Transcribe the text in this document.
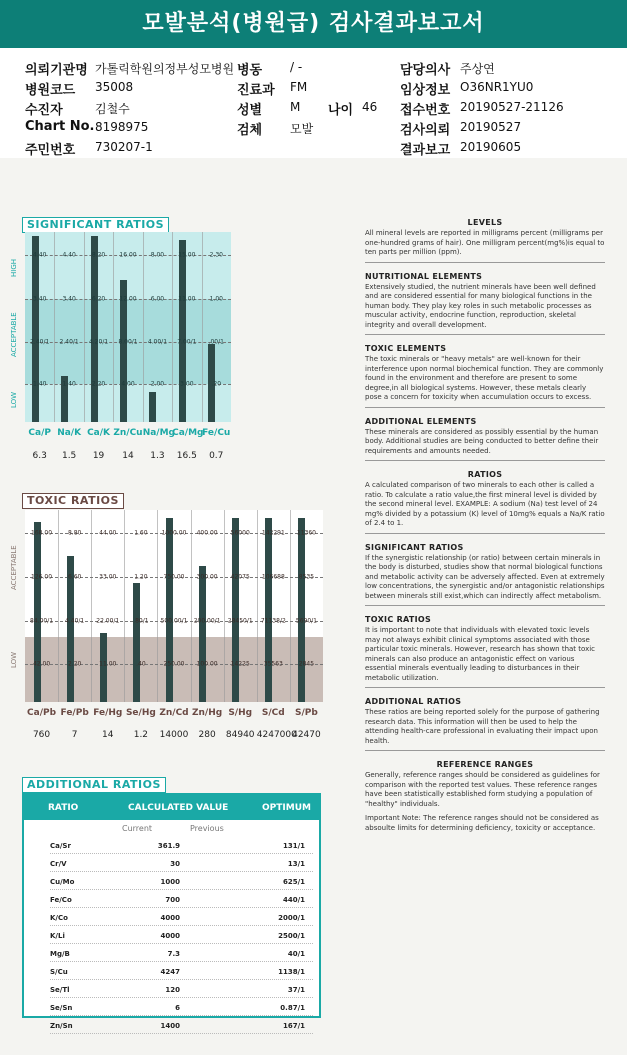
모발분석(병원급) 검사결과보고서
의뢰기관명 가톨릭학원의정부성모병원 병동 / -	담당의사 주상연
병원코드 35008	진료과 FM	임상정보 O36NR1YU0
수진자	김철수	성별 M 나이 46 접수번호 20190527-21126
Chart No. 8198975	검체 모발	검사의뢰 20190527
주민번호 730207-1	결과보고 20190605
SIGNIFICANT RATIOS
HIGH
ACCEPTABLE
LOW
4.40	4.40	8.20 16.00 8.00 15.00 2.30
3.40	3.40	6.20 12.00 6.00 11.00 1.00
2.40/1 2.40/1 4.20/1 8.00/1 4.00/1 7.00/1 .00/1
1.40	1.40	2.20	4.00	2.00	3.00	.20
Ca/P Na/K Ca/K Zn/Cu Na/Mg
Ca/Mg
Fe/Cu
6.3	1.5	19	14	1.3	16.5	0.7
TOXIC RATIOS
ACCEPTABLE
LOW
168.00	8.80	44.00	1.60 1000.00 400.00 56000 142291 11360
126.00	6.60	33.00	1.20	750.00 300.00 42075 106688 8535
84.00/1 4.40/1 22.00/1 .80/1 500.00/1 200.00/1 28450/1 71138/2 5690/1
42.00	2.20	11.00	.40	250.00 100.00 14225 35563	2845
Ca/Pb Fe/Pb Fe/Hg Se/Hg Zn/Cd Zn/Hg S/Hg	S/Cd	S/Pb
760	7	14	1.2	14000	280	84940 4247000
42470
ADDITIONAL RATIOS
RATIO	CALCULATED VALUE	OPTIMUM
Current	Previous
Ca/Sr	361.9	131/1
Cr/V	30	13/1
Cu/Mo	1000	625/1
Fe/Co	700	440/1
K/Co	4000	2000/1
K/Li	4000	2500/1
Mg/B	7.3	40/1
S/Cu	4247	1138/1
Se/Tl	120	37/1
Se/Sn	6	0.87/1
Zn/Sn	1400	167/1
LEVELS

All mineral levels are reported in milligrams percent (milligrams per one-hundred grams of hair). One milligram percent(mg%)is equal to ten parts per million (ppm).

NUTRITIONAL ELEMENTS

Extensively studied, the nutrient minerals have been well defined and are considered essential for many biological functions in the human body. They play key roles in such metabolic processes as muscular activity, endocrine function, reproduction, skeletal integrity and overall development.

TOXIC ELEMENTS

The toxic minerals or "heavy metals" are well-known for their interference upon normal biochemical function. They are commonly found in the environment and therefore are present to some degree,in all biological systems. However, these metals clearly pose a concern for toxicity when accumulation occurs to excess.

ADDITIONAL ELEMENTS

These minerals are considered as possibly essential by the human body. Additional studies are being conducted to better define their requirements and amounts needed.

RATIOS

A calculated comparison of two minerals to each other is called a ratio. To calculate a ratio value,the first mineral level is divided by the second mineral level. EXAMPLE: A sodium (Na) test level of 24 mg% divided by a potassium (K) level of 10mg% equals a Na/K ratio of 2.4 to 1.

SIGNIFICANT RATIOS

If the synergistic relationship (or ratio) between certain minerals in the body is disturbed, studies show that normal biological functions and metabolic activity can be adversely affected. Even at extremely low concentrations, the synergistic and/or antagonistic relationships between minerals still exist,which can indirectly affect metabolism.

TOXIC RATIOS

It is important to note that individuals with elevated toxic levels may not always exhibit clinical symptoms associated with those particular toxic minerals. However, research has shown that toxic minerals can also produce an antagonistic effect on various essential minerals eventually leading to disturbances in their metabolic utilization.

ADDITIONAL RATIOS

These ratios are being reported solely for the purpose of gathering research data. This information will then be used to help the attending health-care professional in evaluating their impact upon health.

REFERENCE RANGES

Generally, reference ranges should be considered as guidelines for comparison with the reported test values. These reference ranges have been statistically established form studying a population of "healthy" individuals.

Important Note: The reference ranges should not be considered as absoulte limits for determining deficiency, toxicity or acceptance.
